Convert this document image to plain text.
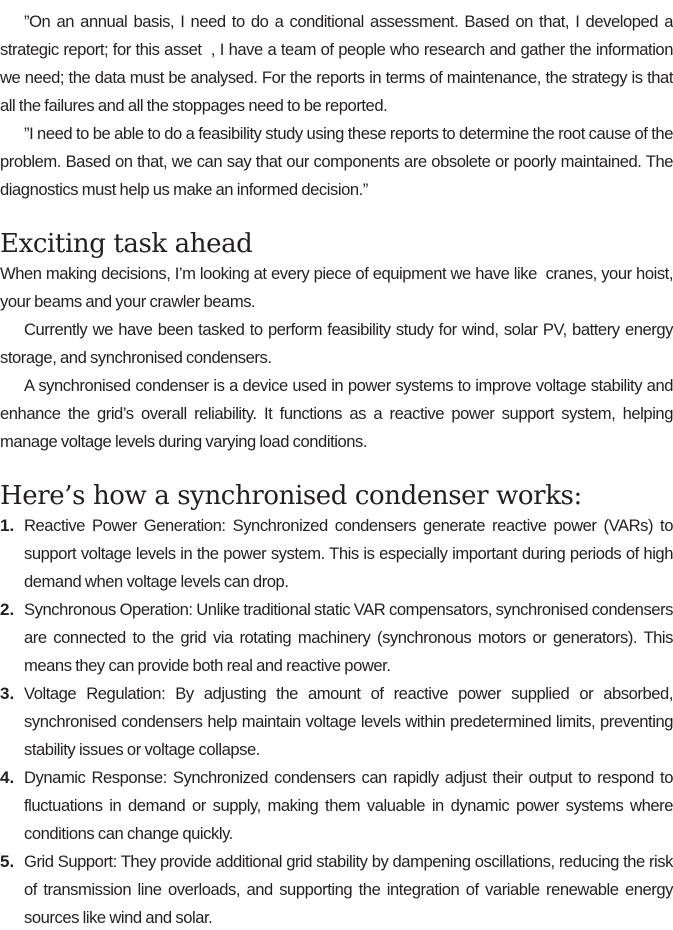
”On an annual basis, I need to do a conditional assessment. Based on that, I developed a strategic report; for this asset  , I have a team of people who research and gather the information we need; the data must be analysed. For the reports in terms of maintenance, the strategy is that all the failures and all the stoppages need to be reported.

”I need to be able to do a feasibility study using these reports to determine the root cause of the problem. Based on that, we can say that our components are obsolete or poorly maintained. The diagnostics must help us make an informed decision.”

Exciting task ahead

When making decisions, I’m looking at every piece of equipment we have like  cranes, your hoist, your beams and your crawler beams.

Currently we have been tasked to perform feasibility study for wind, solar PV, battery energy storage, and synchronised condensers.

A synchronised condenser is a device used in power systems to improve voltage stability and enhance the grid’s overall reliability. It functions as a reactive power support system, helping manage voltage levels during varying load conditions.

Here’s how a synchronised condenser works:
1. Reactive Power Generation: Synchronized condensers generate reactive power (VARs) to support voltage levels in the power system. This is especially important during periods of high demand when voltage levels can drop.
2. Synchronous Operation: Unlike traditional static VAR compensators, synchronised condensers are connected to the grid via rotating machinery (synchronous motors or generators). This means they can provide both real and reactive power.
3. Voltage Regulation: By adjusting the amount of reactive power supplied or absorbed, synchronised condensers help maintain voltage levels within predetermined limits, preventing stability issues or voltage collapse.
4. Dynamic Response: Synchronized condensers can rapidly adjust their output to respond to fluctuations in demand or supply, making them valuable in dynamic power systems where conditions can change quickly.
5. Grid Support: They provide additional grid stability by dampening oscillations, reducing the risk of transmission line overloads, and supporting the integration of variable renewable energy sources like wind and solar.
